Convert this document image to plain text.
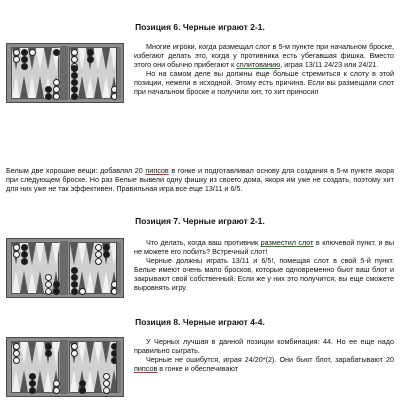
Позиция 6. Черные играют 2-1.

Многие игроки, когда размещал слот в 5-м пункте при начальном броске, избегают делать это, когда у противника есть убегавшая фишка. Вместо этого они обычно прибегают к сплитованию, играя 13/11 24/23 или 24/21.

Но на самом деле вы должны еще больше стремиться к слоту в этой позиции, нежели в исходной. Этому есть причина. Если вы размещали слот при начальном броске и получили хит, то хит приносил

Белым две хорошие вещи: добавлял 20 пипсов в гонке и подготавливал основу для создания в 5-м пункте якоря при следующем броске. Но раз Белые вывели одну фишку из своего дома, якоря им уже не создать, поэтому хит для них уже не так эффективен. Правильная игра все еще 13/11 и 6/5.

Позиция 7. Черные играют 2-1.

Что делать, когда ваш противник разместил слот в ключевой пункт, и вы не можете его побить? Встречный слот!

Черные должны играть 13/11 и 6/5!, помещая слот в свой 5-й пункт. Белые имеют очень мало бросков, которые одновременно бьют ваш блот и закрывают свой собственный. Если же у них это получится, вы еще сможете выровнять игру.

Позиция 8. Черные играют 4-4.

У Черных лучшая в данной позиции комбинация: 44. Но ее еще надо правильно сыграть.

Черные не ошибутся, играя 24/20*(2). Они бьют блот, зарабатывают 20 пипсов в гонке и обеспечивают
